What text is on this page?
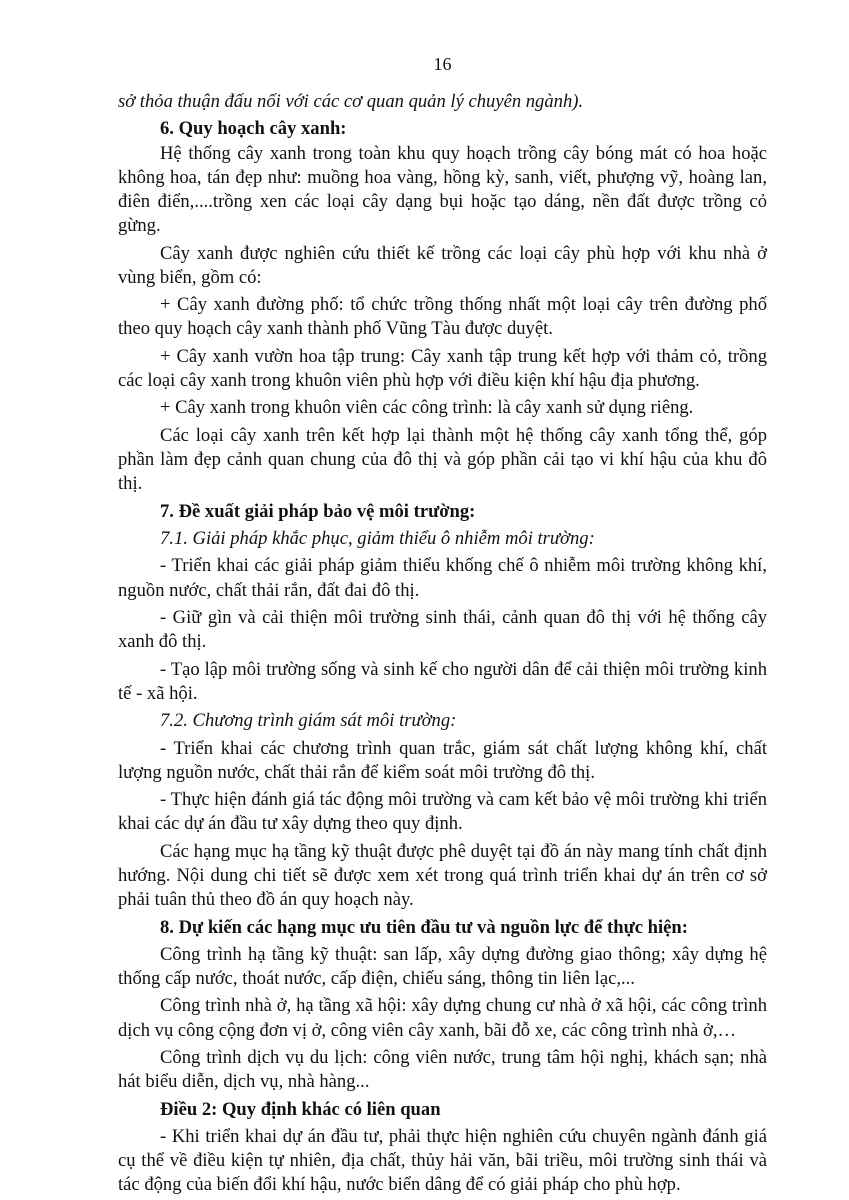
16

sở thỏa thuận đấu nối với các cơ quan quản lý chuyên ngành).

6. Quy hoạch cây xanh:

Hệ thống cây xanh trong toàn khu quy hoạch trồng cây bóng mát có hoa hoặc không hoa, tán đẹp như: muồng hoa vàng, hồng kỳ, sanh, viết, phượng vỹ, hoàng lan, điên điển,....trồng xen các loại cây dạng bụi hoặc tạo dáng, nền đất được trồng cỏ gừng.

Cây xanh được nghiên cứu thiết kế trồng các loại cây phù hợp với khu nhà ở vùng biển, gồm có:

+ Cây xanh đường phố: tổ chức trồng thống nhất một loại cây trên đường phố theo quy hoạch cây xanh thành phố Vũng Tàu được duyệt.

+ Cây xanh vườn hoa tập trung: Cây xanh tập trung kết hợp với thảm cỏ, trồng các loại cây xanh trong khuôn viên phù hợp với điều kiện khí hậu địa phương.

+ Cây xanh trong khuôn viên các công trình: là cây xanh sử dụng riêng.

Các loại cây xanh trên kết hợp lại thành một hệ thống cây xanh tổng thể, góp phần làm đẹp cảnh quan chung của đô thị và góp phần cải tạo vi khí hậu của khu đô thị.

7. Đề xuất giải pháp bảo vệ môi trường:

7.1. Giải pháp khắc phục, giảm thiểu ô nhiễm môi trường:

- Triển khai các giải pháp giảm thiểu khống chế ô nhiễm môi trường không khí, nguồn nước, chất thải rắn, đất đai đô thị.

- Giữ gìn và cải thiện môi trường sinh thái, cảnh quan đô thị với hệ thống cây xanh đô thị.

- Tạo lập môi trường sống và sinh kế cho người dân để cải thiện môi trường kinh tế - xã hội.

7.2. Chương trình giám sát môi trường:

- Triển khai các chương trình quan trắc, giám sát chất lượng không khí, chất lượng nguồn nước, chất thải rắn để kiểm soát môi trường đô thị.

- Thực hiện đánh giá tác động môi trường và cam kết bảo vệ môi trường khi triển khai các dự án đầu tư xây dựng theo quy định.

Các hạng mục hạ tầng kỹ thuật được phê duyệt tại đồ án này mang tính chất định hướng. Nội dung chi tiết sẽ được xem xét trong quá trình triển khai dự án trên cơ sở phải tuân thủ theo đồ án quy hoạch này.

8. Dự kiến các hạng mục ưu tiên đầu tư và nguồn lực để thực hiện:

Công trình hạ tầng kỹ thuật: san lấp, xây dựng đường giao thông; xây dựng hệ thống cấp nước, thoát nước, cấp điện, chiếu sáng, thông tin liên lạc,...

Công trình nhà ở, hạ tầng xã hội: xây dựng chung cư nhà ở xã hội, các công trình dịch vụ công cộng đơn vị ở, công viên cây xanh, bãi đỗ xe, các công trình nhà ở,…

Công trình dịch vụ du lịch: công viên nước, trung tâm hội nghị, khách sạn; nhà hát biểu diễn, dịch vụ, nhà hàng...

Điều 2: Quy định khác có liên quan

- Khi triển khai dự án đầu tư, phải thực hiện nghiên cứu chuyên ngành đánh giá cụ thể về điều kiện tự nhiên, địa chất, thủy hải văn, bãi triều, môi trường sinh thái và tác động của biến đổi khí hậu, nước biển dâng để có giải pháp cho phù hợp.
